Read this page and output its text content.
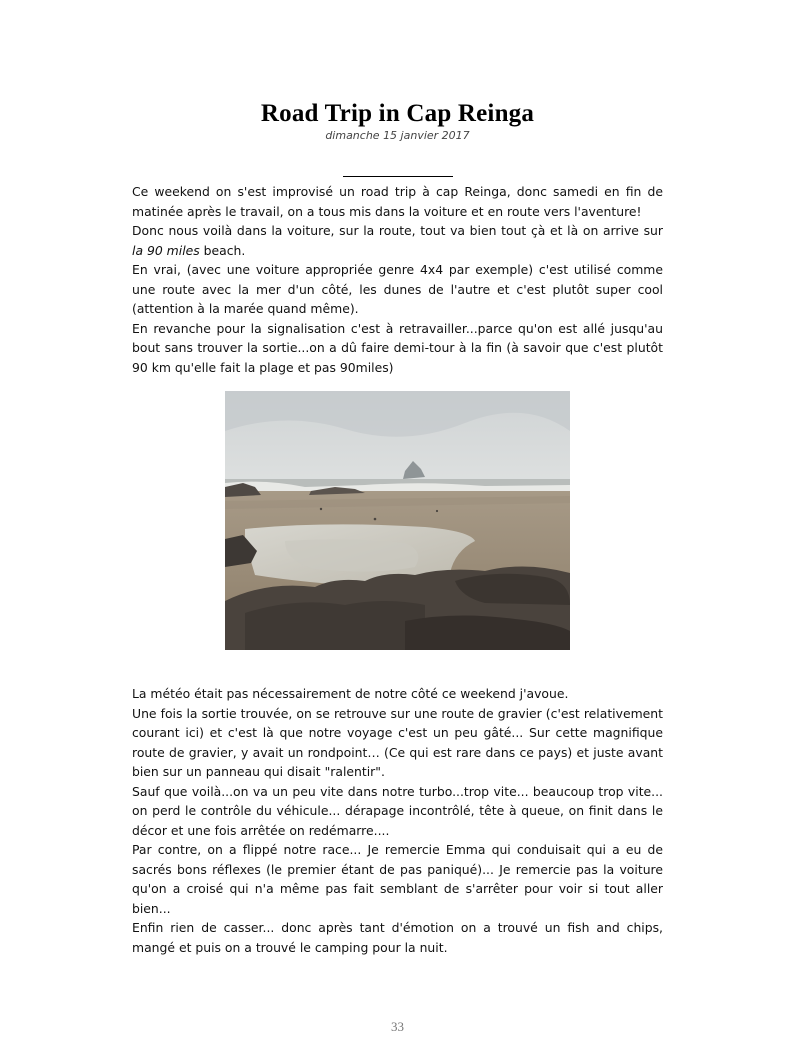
Road Trip in Cap Reinga
dimanche 15 janvier 2017

Ce weekend on s'est improvisé un road trip à cap Reinga, donc samedi en fin de matinée après le travail, on a tous mis dans la voiture et en route vers l'aventure!

Donc nous voilà dans la voiture, sur la route, tout va bien tout çà et là on arrive sur la 90 miles beach.

En vrai, (avec une voiture appropriée genre 4x4 par exemple) c'est utilisé comme une route avec la mer d'un côté, les dunes de l'autre et c'est plutôt super cool (attention à la marée quand même).

En revanche pour la signalisation c'est à retravailler...parce qu'on est allé jusqu'au bout sans trouver la sortie...on a dû faire demi-tour à la fin (à savoir que c'est plutôt 90 km qu'elle fait la plage et pas 90miles)

La météo était pas nécessairement de notre côté ce weekend j'avoue.

Une fois la sortie trouvée, on se retrouve sur une route de gravier (c'est relativement courant ici) et c'est là que notre voyage c'est un peu gâté... Sur cette magnifique route de gravier, y avait un rondpoint… (Ce qui est rare dans ce pays) et juste avant bien sur un panneau qui disait "ralentir".

Sauf que voilà...on va un peu vite dans notre turbo...trop vite... beaucoup trop vite... on perd le contrôle du véhicule... dérapage incontrôlé, tête à queue, on finit dans le décor et une fois arrêtée on redémarre....

Par contre, on a flippé notre race... Je remercie Emma qui conduisait qui a eu de sacrés bons réflexes (le premier étant de pas paniqué)... Je remercie pas la voiture qu'on a croisé qui n'a même pas fait semblant de s'arrêter pour voir si tout aller bien...

Enfin rien de casser... donc après tant d'émotion on a trouvé un fish and chips, mangé et puis on a trouvé le camping pour la nuit.

33
